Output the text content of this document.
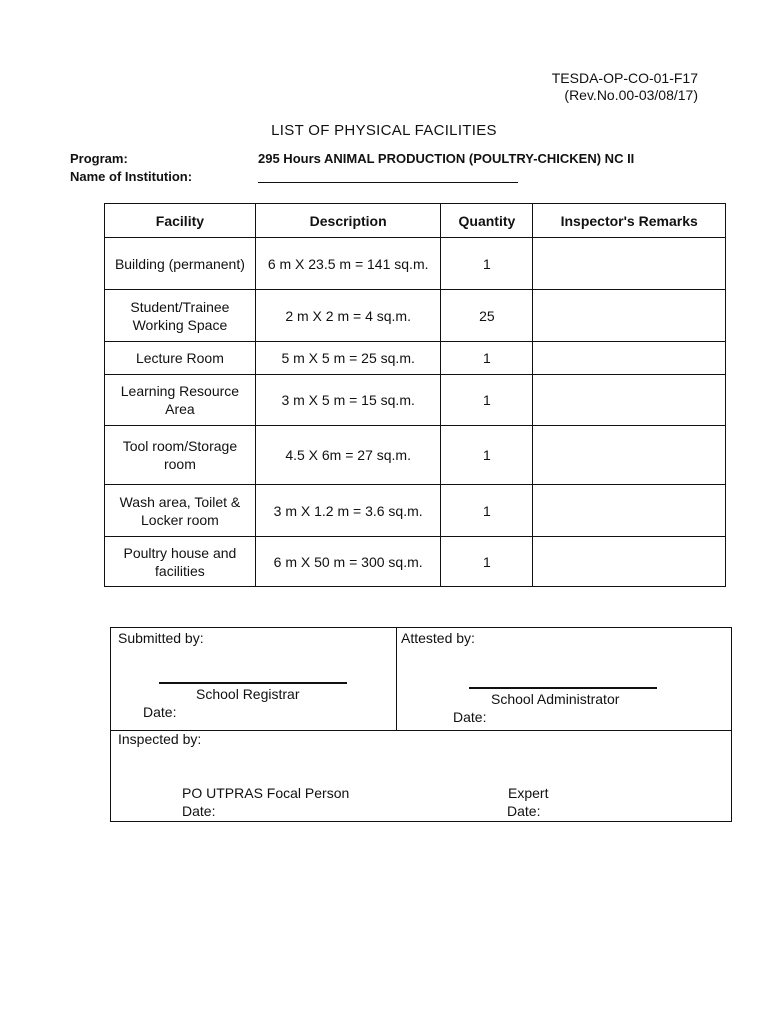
TESDA-OP-CO-01-F17
(Rev.No.00-03/08/17)
LIST OF PHYSICAL FACILITIES
Program:	295 Hours ANIMAL PRODUCTION (POULTRY-CHICKEN) NC II
Name of Institution:
Facility	Description	Quantity	Inspector's Remarks
Building (permanent)	6 m X 23.5 m = 141 sq.m.	1	
Student/Trainee Working Space	2 m X 2 m = 4 sq.m.	25	
Lecture Room	5 m X 5 m = 25 sq.m.	1	
Learning Resource Area	3 m X 5 m = 15 sq.m.	1	
Tool room/Storage room	4.5 X 6m = 27 sq.m.	1	
Wash area, Toilet & Locker room	3 m X 1.2 m = 3.6 sq.m.	1	
Poultry house and facilities	6 m X 50 m = 300 sq.m.	1	
Submitted by:
School Registrar
Date:
Attested by:
School Administrator
Date:
Inspected by:
PO UTPRAS Focal Person
Date:
Expert
Date:
